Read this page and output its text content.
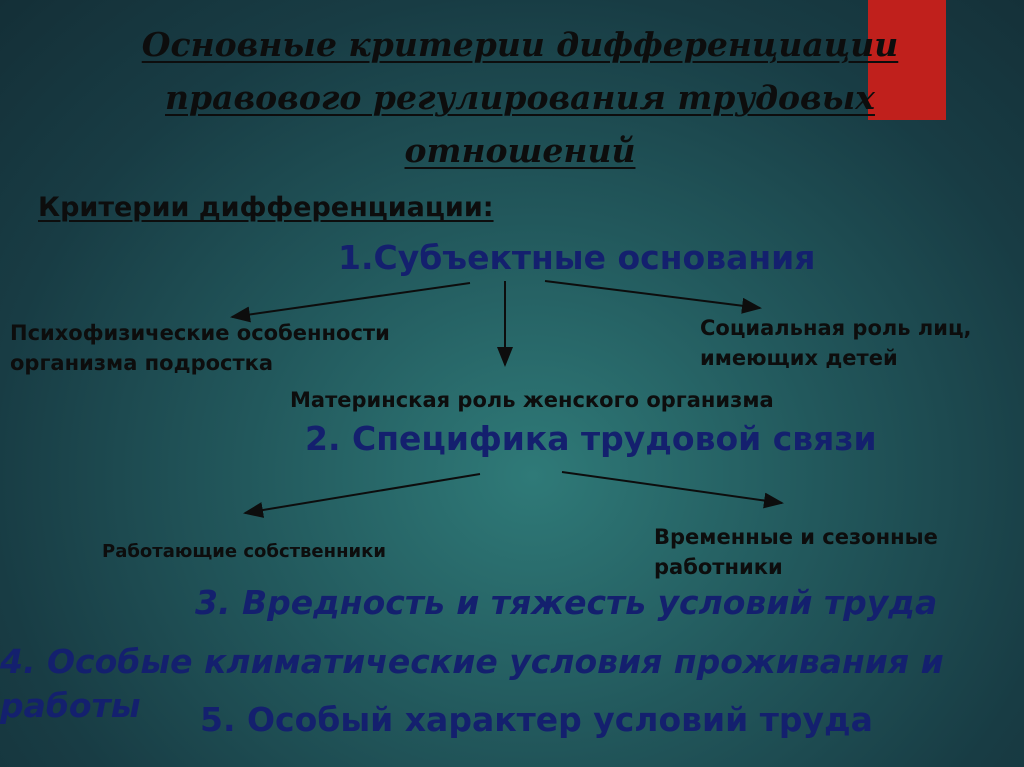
Основные критерии дифференциации правового регулирования трудовых отношений
Критерии дифференциации:
1.Субъектные основания
2. Специфика трудовой связи
3. Вредность и тяжесть условий труда
4. Особые климатические условия проживания и работы	5. Особый характер условий труда
Психофизические особенности организма подростка
Материнская роль женского организма
Социальная роль лиц, имеющих детей
Работающие собственники
Временные и сезонные работники
